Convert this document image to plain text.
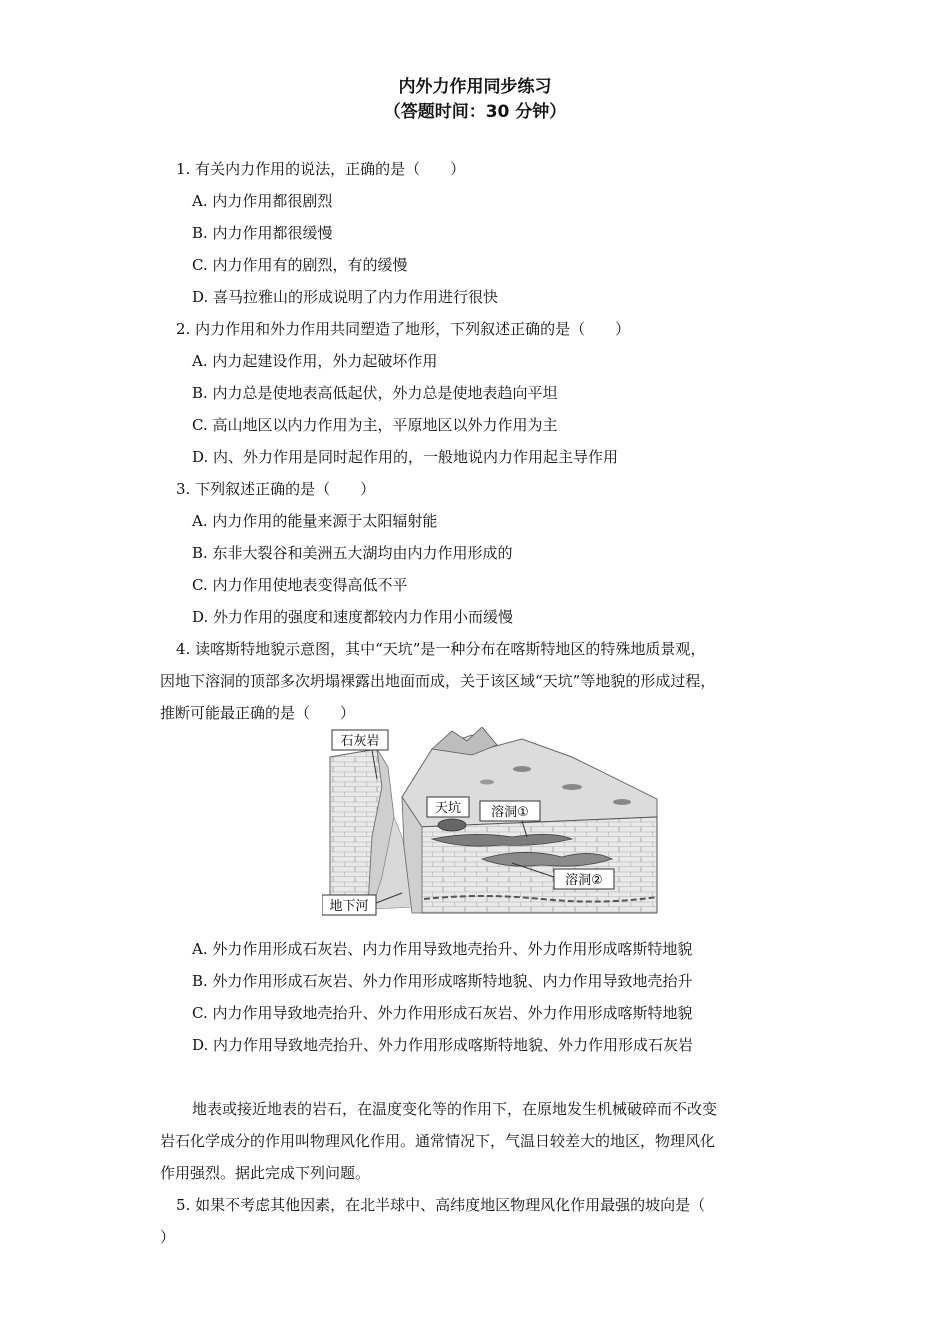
内外力作用同步练习
（答题时间：30 分钟）
1. 有关内力作用的说法，正确的是（　　）
A. 内力作用都很剧烈
B. 内力作用都很缓慢
C. 内力作用有的剧烈，有的缓慢
D. 喜马拉雅山的形成说明了内力作用进行很快
2. 内力作用和外力作用共同塑造了地形，下列叙述正确的是（　　）
A. 内力起建设作用，外力起破坏作用
B. 内力总是使地表高低起伏，外力总是使地表趋向平坦
C. 高山地区以内力作用为主，平原地区以外力作用为主
D. 内、外力作用是同时起作用的，一般地说内力作用起主导作用
3. 下列叙述正确的是（　　）
A. 内力作用的能量来源于太阳辐射能
B. 东非大裂谷和美洲五大湖均由内力作用形成的
C. 内力作用使地表变得高低不平
D. 外力作用的强度和速度都较内力作用小而缓慢
4. 读喀斯特地貌示意图，其中“天坑”是一种分布在喀斯特地区的特殊地质景观，
因地下溶洞的顶部多次坍塌裸露出地面而成，关于该区域“天坑”等地貌的形成过程，
推断可能最正确的是（　　）
石灰岩
天坑 溶洞①
溶洞②
地下河
A. 外力作用形成石灰岩、内力作用导致地壳抬升、外力作用形成喀斯特地貌
B. 外力作用形成石灰岩、外力作用形成喀斯特地貌、内力作用导致地壳抬升
C. 内力作用导致地壳抬升、外力作用形成石灰岩、外力作用形成喀斯特地貌
D. 内力作用导致地壳抬升、外力作用形成喀斯特地貌、外力作用形成石灰岩
地表或接近地表的岩石，在温度变化等的作用下，在原地发生机械破碎而不改变
岩石化学成分的作用叫物理风化作用。通常情况下，气温日较差大的地区，物理风化
作用强烈。据此完成下列问题。
5. 如果不考虑其他因素，在北半球中、高纬度地区物理风化作用最强的坡向是（
）
